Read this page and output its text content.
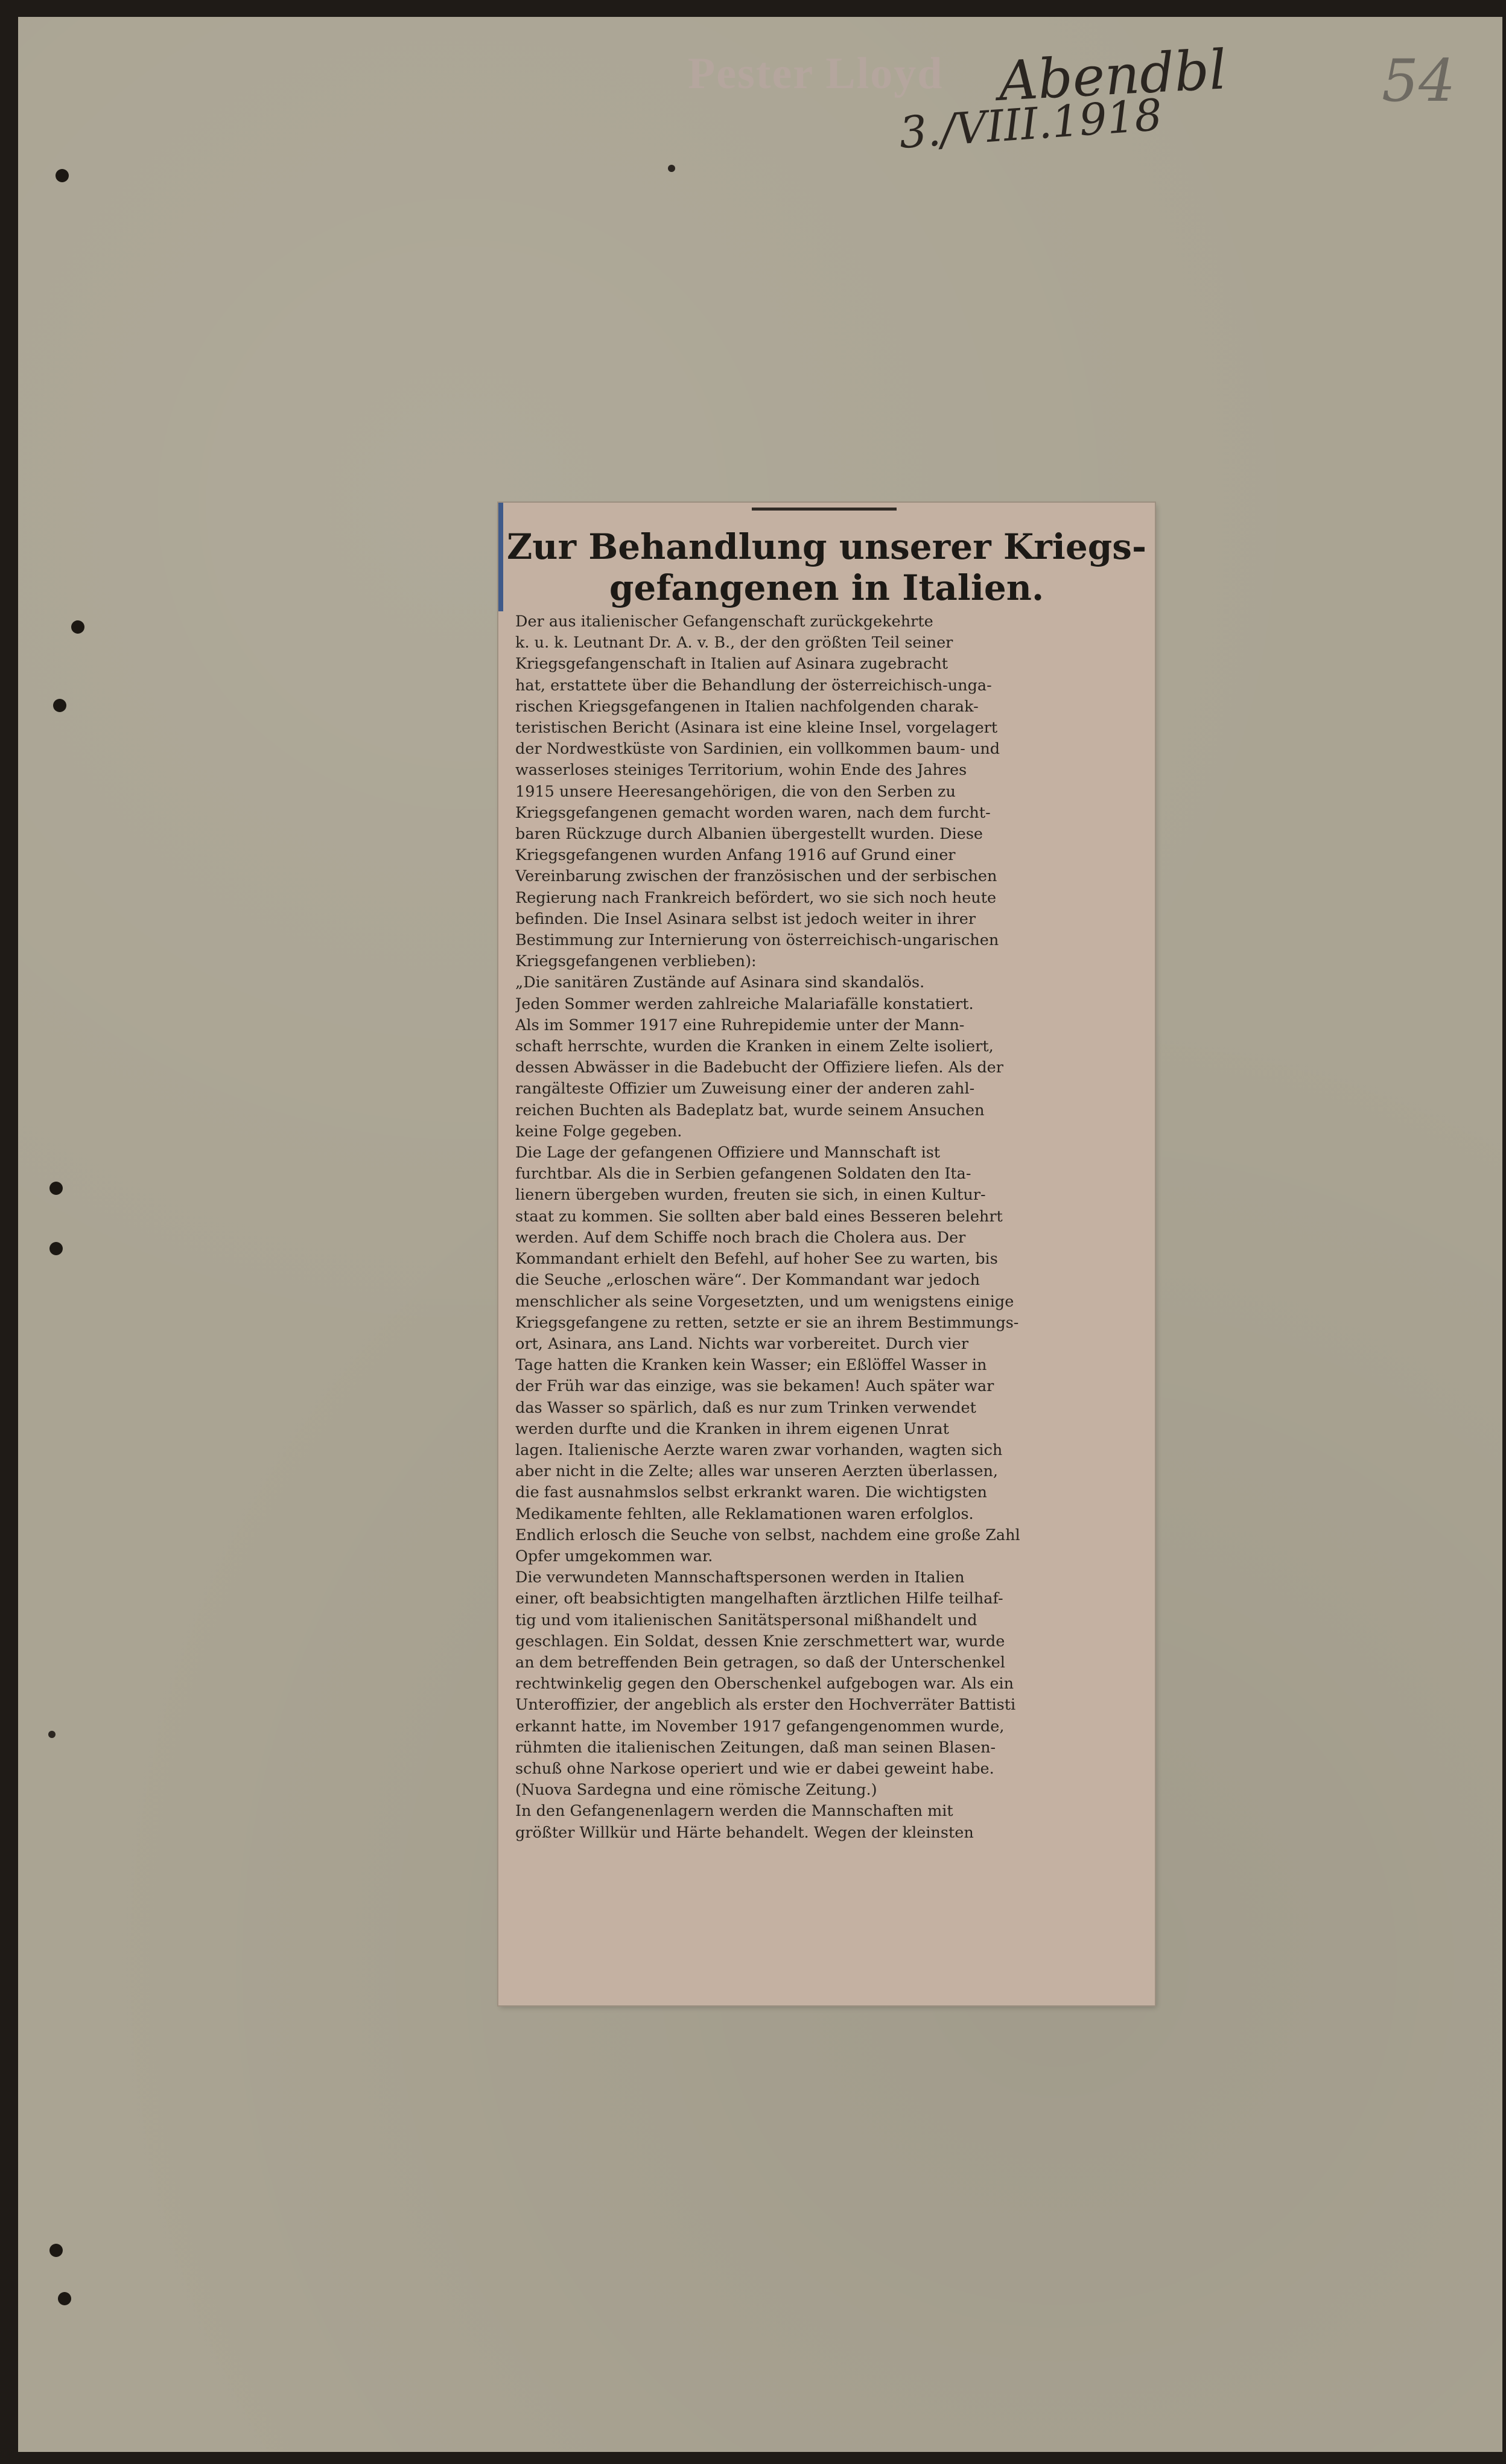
Pester Lloyd Abendbl
3./VIII.1918
54
Zur Behandlung unserer Kriegs-
gefangenen in Italien.
Der aus italienischer Gefangenschaft zurückgekehrte
k. u. k. Leutnant Dr. A. v. B., der den größten Teil seiner
Kriegsgefangenschaft in Italien auf Asinara zugebracht
hat, erstattete über die Behandlung der österreichisch-unga-
rischen Kriegsgefangenen in Italien nachfolgenden charak-
teristischen Bericht (Asinara ist eine kleine Insel, vorgelagert
der Nordwestküste von Sardinien, ein vollkommen baum- und
wasserloses steiniges Territorium, wohin Ende des Jahres
1915 unsere Heeresangehörigen, die von den Serben zu
Kriegsgefangenen gemacht worden waren, nach dem furcht-
baren Rückzuge durch Albanien übergestellt wurden. Diese
Kriegsgefangenen wurden Anfang 1916 auf Grund einer
Vereinbarung zwischen der französischen und der serbischen
Regierung nach Frankreich befördert, wo sie sich noch heute
befinden. Die Insel Asinara selbst ist jedoch weiter in ihrer
Bestimmung zur Internierung von österreichisch-ungarischen
Kriegsgefangenen verblieben):
„Die sanitären Zustände auf Asinara sind skandalös.
Jeden Sommer werden zahlreiche Malariafälle konstatiert.
Als im Sommer 1917 eine Ruhrepidemie unter der Mann-
schaft herrschte, wurden die Kranken in einem Zelte isoliert,
dessen Abwässer in die Badebucht der Offiziere liefen. Als der
rangälteste Offizier um Zuweisung einer der anderen zahl-
reichen Buchten als Badeplatz bat, wurde seinem Ansuchen
keine Folge gegeben.
Die Lage der gefangenen Offiziere und Mannschaft ist
furchtbar. Als die in Serbien gefangenen Soldaten den Ita-
lienern übergeben wurden, freuten sie sich, in einen Kultur-
staat zu kommen. Sie sollten aber bald eines Besseren belehrt
werden. Auf dem Schiffe noch brach die Cholera aus. Der
Kommandant erhielt den Befehl, auf hoher See zu warten, bis
die Seuche „erloschen wäre“. Der Kommandant war jedoch
menschlicher als seine Vorgesetzten, und um wenigstens einige
Kriegsgefangene zu retten, setzte er sie an ihrem Bestimmungs-
ort, Asinara, ans Land. Nichts war vorbereitet. Durch vier
Tage hatten die Kranken kein Wasser; ein Eßlöffel Wasser in
der Früh war das einzige, was sie bekamen! Auch später war
das Wasser so spärlich, daß es nur zum Trinken verwendet
werden durfte und die Kranken in ihrem eigenen Unrat
lagen. Italienische Aerzte waren zwar vorhanden, wagten sich
aber nicht in die Zelte; alles war unseren Aerzten überlassen,
die fast ausnahmslos selbst erkrankt waren. Die wichtigsten
Medikamente fehlten, alle Reklamationen waren erfolglos.
Endlich erlosch die Seuche von selbst, nachdem eine große Zahl
Opfer umgekommen war.
Die verwundeten Mannschaftspersonen werden in Italien
einer, oft beabsichtigten mangelhaften ärztlichen Hilfe teilhaf-
tig und vom italienischen Sanitätspersonal mißhandelt und
geschlagen. Ein Soldat, dessen Knie zerschmettert war, wurde
an dem betreffenden Bein getragen, so daß der Unterschenkel
rechtwinkelig gegen den Oberschenkel aufgebogen war. Als ein
Unteroffizier, der angeblich als erster den Hochverräter Battisti
erkannt hatte, im November 1917 gefangengenommen wurde,
rühmten die italienischen Zeitungen, daß man seinen Blasen-
schuß ohne Narkose operiert und wie er dabei geweint habe.
(Nuova Sardegna und eine römische Zeitung.)
In den Gefangenenlagern werden die Mannschaften mit
größter Willkür und Härte behandelt. Wegen der kleinsten
